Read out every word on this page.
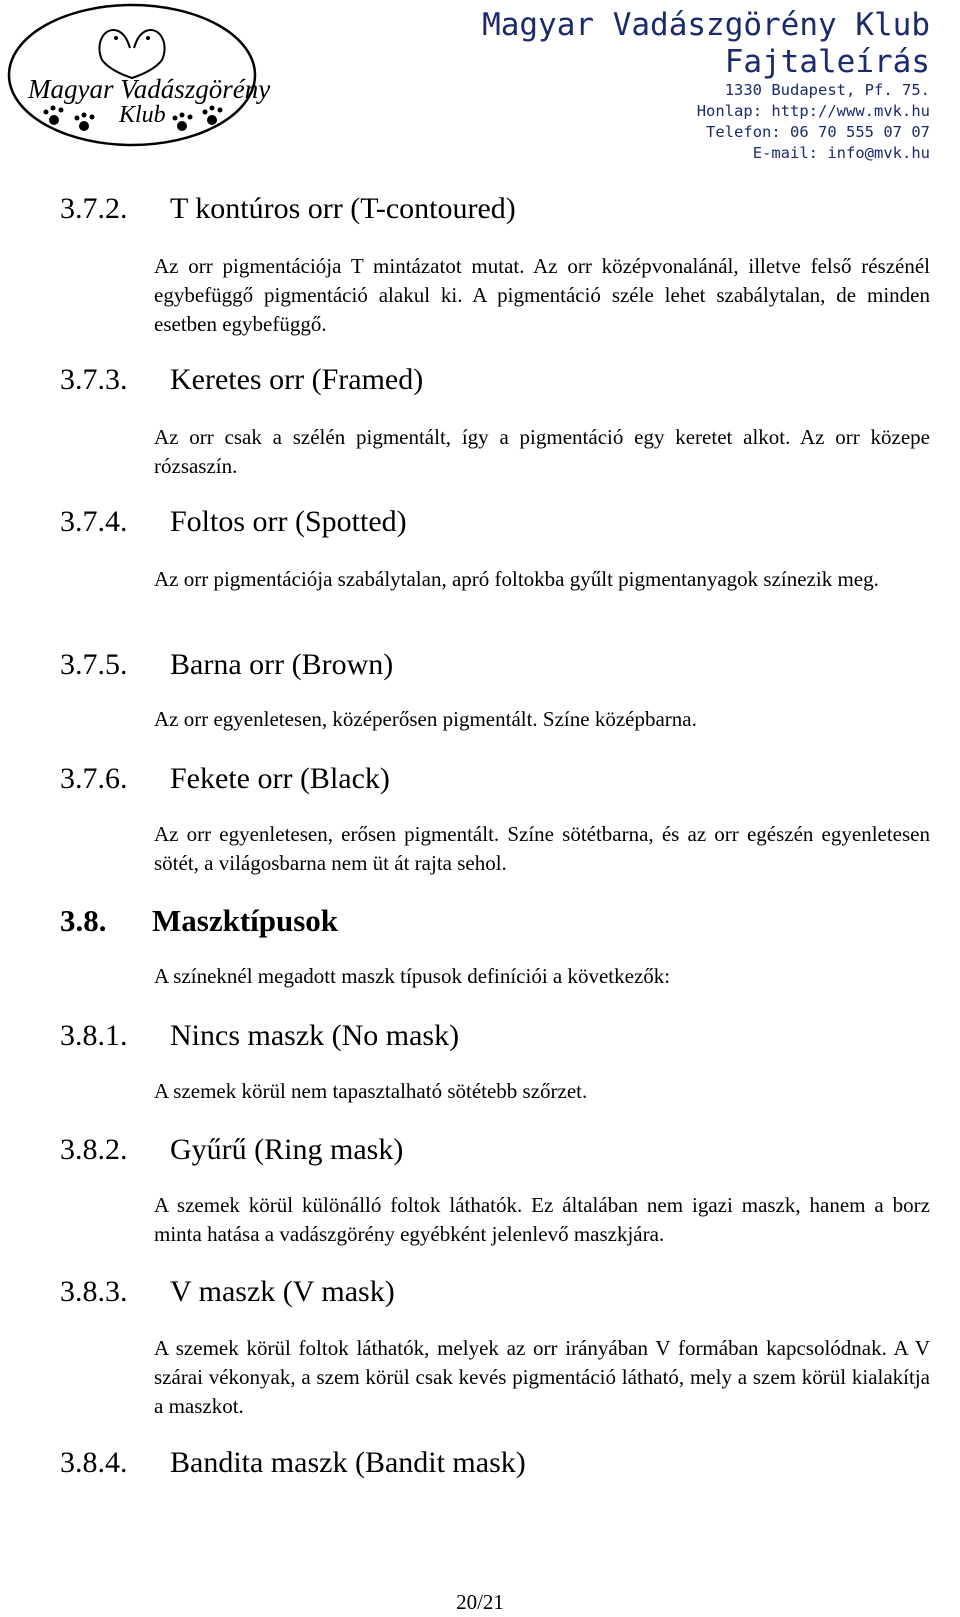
Magyar Vadászgörény
Klub
Magyar Vadászgörény Klub
Fajtaleírás
1330 Budapest, Pf. 75.
Honlap: http://www.mvk.hu
Telefon: 06 70 555 07 07
E-mail: info@mvk.hu
3.7.2. T kontúros orr (T-contoured)
Az orr pigmentációja T mintázatot mutat. Az orr középvonalánál, illetve felső részénél egybefüggő pigmentáció alakul ki. A pigmentáció széle lehet szabálytalan, de minden esetben egybefüggő.
3.7.3. Keretes orr (Framed)
Az orr csak a szélén pigmentált, így a pigmentáció egy keretet alkot. Az orr közepe rózsaszín.
3.7.4. Foltos orr (Spotted)
Az orr pigmentációja szabálytalan, apró foltokba gyűlt pigmentanyagok színezik meg.
3.7.5. Barna orr (Brown)
Az orr egyenletesen, középerősen pigmentált. Színe középbarna.
3.7.6. Fekete orr (Black)
Az orr egyenletesen, erősen pigmentált. Színe sötétbarna, és az orr egészén egyenletesen sötét, a világosbarna nem üt át rajta sehol.
3.8. Maszktípusok
A színeknél megadott maszk típusok definíciói a következők:
3.8.1. Nincs maszk (No mask)
A szemek körül nem tapasztalható sötétebb szőrzet.
3.8.2. Gyűrű (Ring mask)
A szemek körül különálló foltok láthatók. Ez általában nem igazi maszk, hanem a borz minta hatása a vadászgörény egyébként jelenlevő maszkjára.
3.8.3. V maszk (V mask)
A szemek körül foltok láthatók, melyek az orr irányában V formában kapcsolódnak. A V szárai vékonyak, a szem körül csak kevés pigmentáció látható, mely a szem körül kialakítja a maszkot.
3.8.4. Bandita maszk (Bandit mask)
20/21
